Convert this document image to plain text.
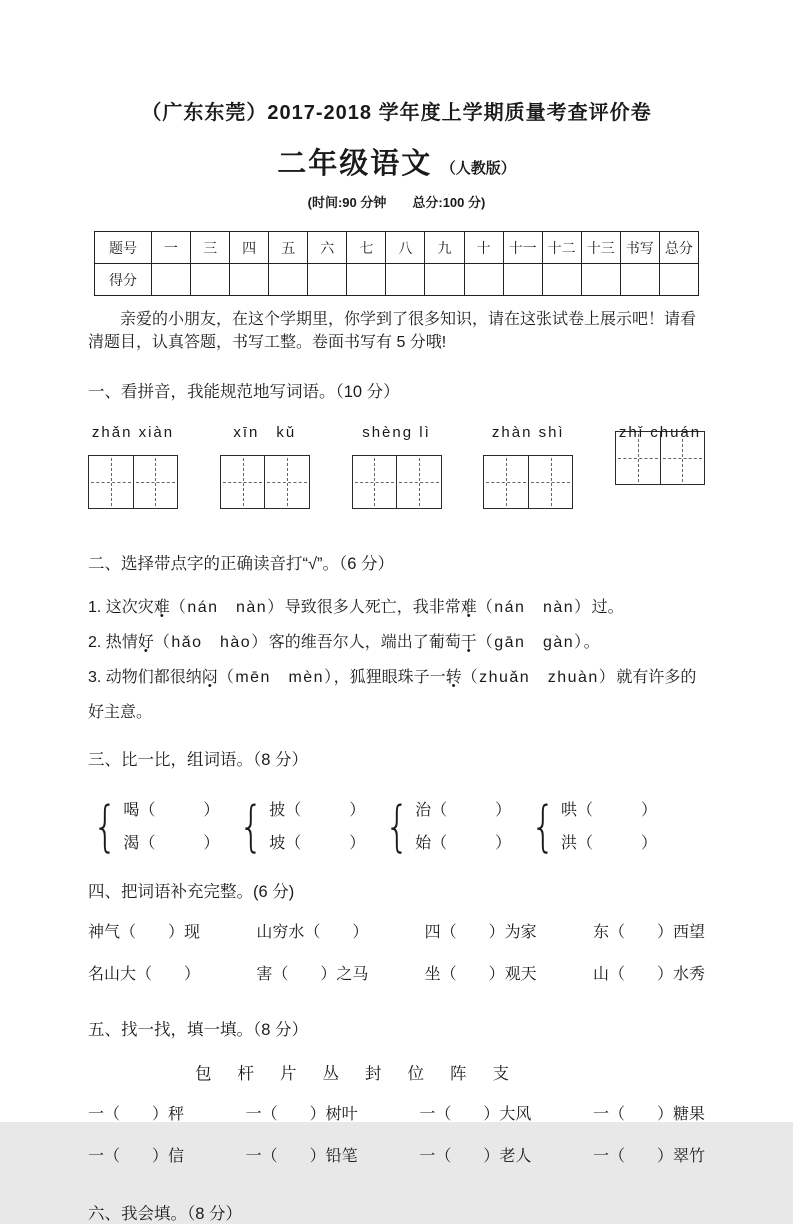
（广东东莞）2017-2018 学年度上学期质量考查评价卷
二年级语文 （人教版）
(时间:90 分钟　　总分:100 分)
题号	一	三	四	五	六	七	八	九	十	十一	十二	十三	书写	总分
得分														

亲爱的小朋友，在这个学期里，你学到了很多知识，请在这张试卷上展示吧！请看清题目，认真答题，书写工整。卷面书写有 5 分哦!

一、看拼音，我能规范地写词语。（10 分）
zhǎn xiàn	xīn　kǔ	shèng lì	zhàn shì	zhǐ chuán
二、选择带点字的正确读音打“√”。（6 分）

1. 这次灾难（nán　nàn）导致很多人死亡，我非常难（nán　nàn）过。

2. 热情好（hǎo　hào）客的维吾尔人，端出了葡萄干（gān　gàn）。

3. 动物们都很纳闷（mēn　mèn），狐狸眼珠子一转（zhuǎn　zhuàn）就有许多的好主意。

三、比一比，组词语。（8 分）
{ 喝（　　　）
渴（　　　） { 披（　　　）
坡（　　　） { 治（　　　）
始（　　　） { 哄（　　　）
洪（　　　）
四、把词语补充完整。(6 分)
神气（　　）现	山穷水（　　）	四（　　）为家	东（　　）西望
名山大（　　）	害（　　）之马	坐（　　）观天	山（　　）水秀
五、找一找，填一填。（8 分）
包 杆 片 丛 封 位 阵 支
一（　　）秤	一（　　）树叶	一（　　）大风	一（　　）糖果
一（　　）信	一（　　）铅笔	一（　　）老人	一（　　）翠竹
六、我会填。（8 分）
